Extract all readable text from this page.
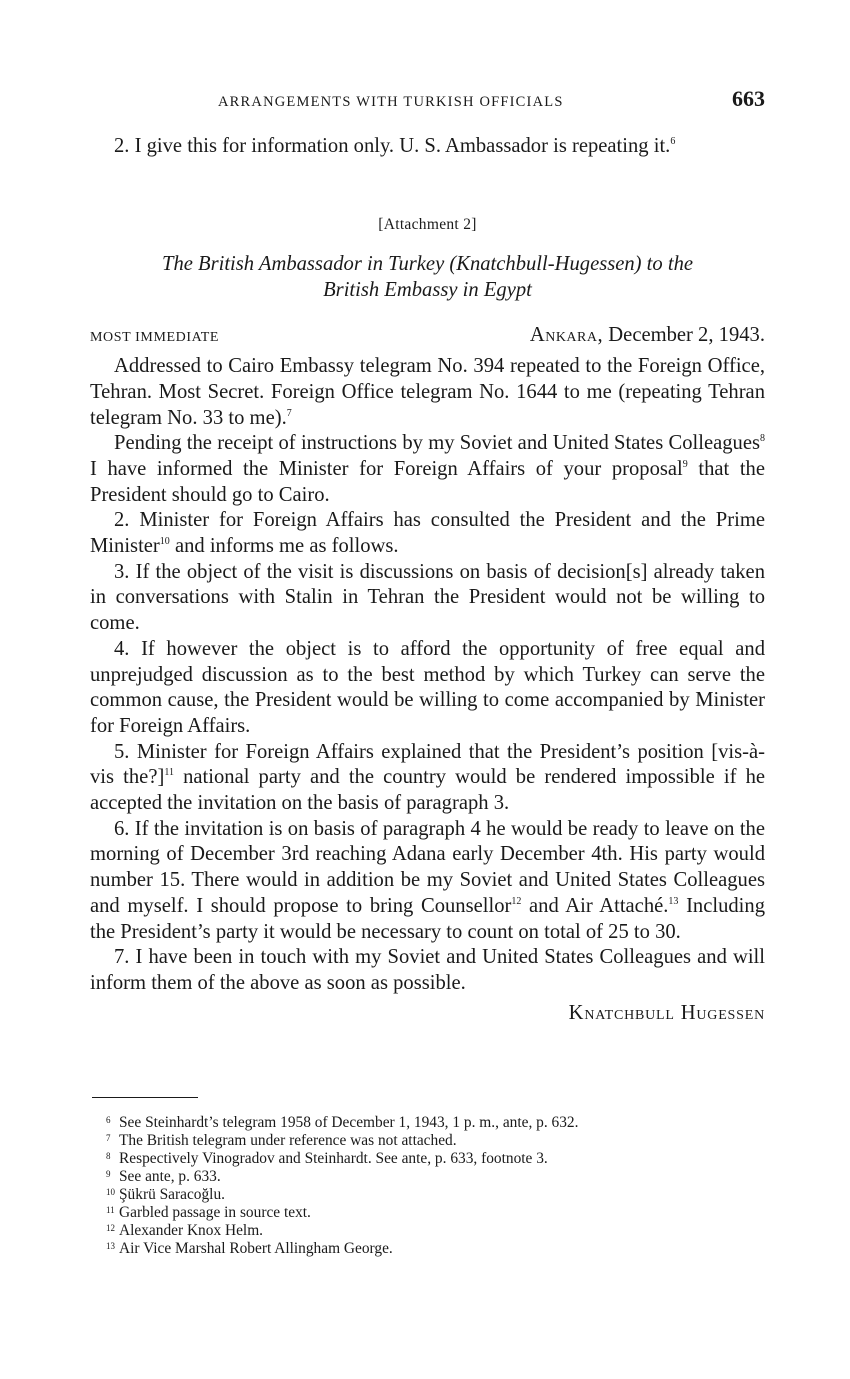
ARRANGEMENTS WITH TURKISH OFFICIALS	663

2. I give this for information only. U. S. Ambassador is repeating it.$^6$

[Attachment 2]

The British Ambassador in Turkey (Knatchbull-Hugessen) to the
British Embassy in Egypt

MOST IMMEDIATE	Ankara, December 2, 1943.

Addressed to Cairo Embassy telegram No. 394 repeated to the Foreign Office, Tehran. Most Secret. Foreign Office telegram No. 1644 to me (repeating Tehran telegram No. 33 to me).$^7$

Pending the receipt of instructions by my Soviet and United States Colleagues$^8$ I have informed the Minister for Foreign Affairs of your proposal$^9$ that the President should go to Cairo.

2. Minister for Foreign Affairs has consulted the President and the Prime Minister$^{10}$ and informs me as follows.

3. If the object of the visit is discussions on basis of decision[s] already taken in conversations with Stalin in Tehran the President would not be willing to come.

4. If however the object is to afford the opportunity of free equal and unprejudged discussion as to the best method by which Turkey can serve the common cause, the President would be willing to come accompanied by Minister for Foreign Affairs.

5. Minister for Foreign Affairs explained that the President’s position [vis-à-vis the?]$^{11}$ national party and the country would be rendered impossible if he accepted the invitation on the basis of paragraph 3.

6. If the invitation is on basis of paragraph 4 he would be ready to leave on the morning of December 3rd reaching Adana early December 4th. His party would number 15. There would in addition be my Soviet and United States Colleagues and myself. I should propose to bring Counsellor$^{12}$ and Air Attaché.$^{13}$ Including the President’s party it would be necessary to count on total of 25 to 30.

7. I have been in touch with my Soviet and United States Colleagues and will inform them of the above as soon as possible.

Knatchbull Hugessen

6 See Steinhardt’s telegram 1958 of December 1, 1943, 1 p. m., ante, p. 632.
7 The British telegram under reference was not attached.
8 Respectively Vinogradov and Steinhardt. See ante, p. 633, footnote 3.
9 See ante, p. 633.
10 Şükrü Saracoğlu.
11 Garbled passage in source text.
12 Alexander Knox Helm.
13 Air Vice Marshal Robert Allingham George.
